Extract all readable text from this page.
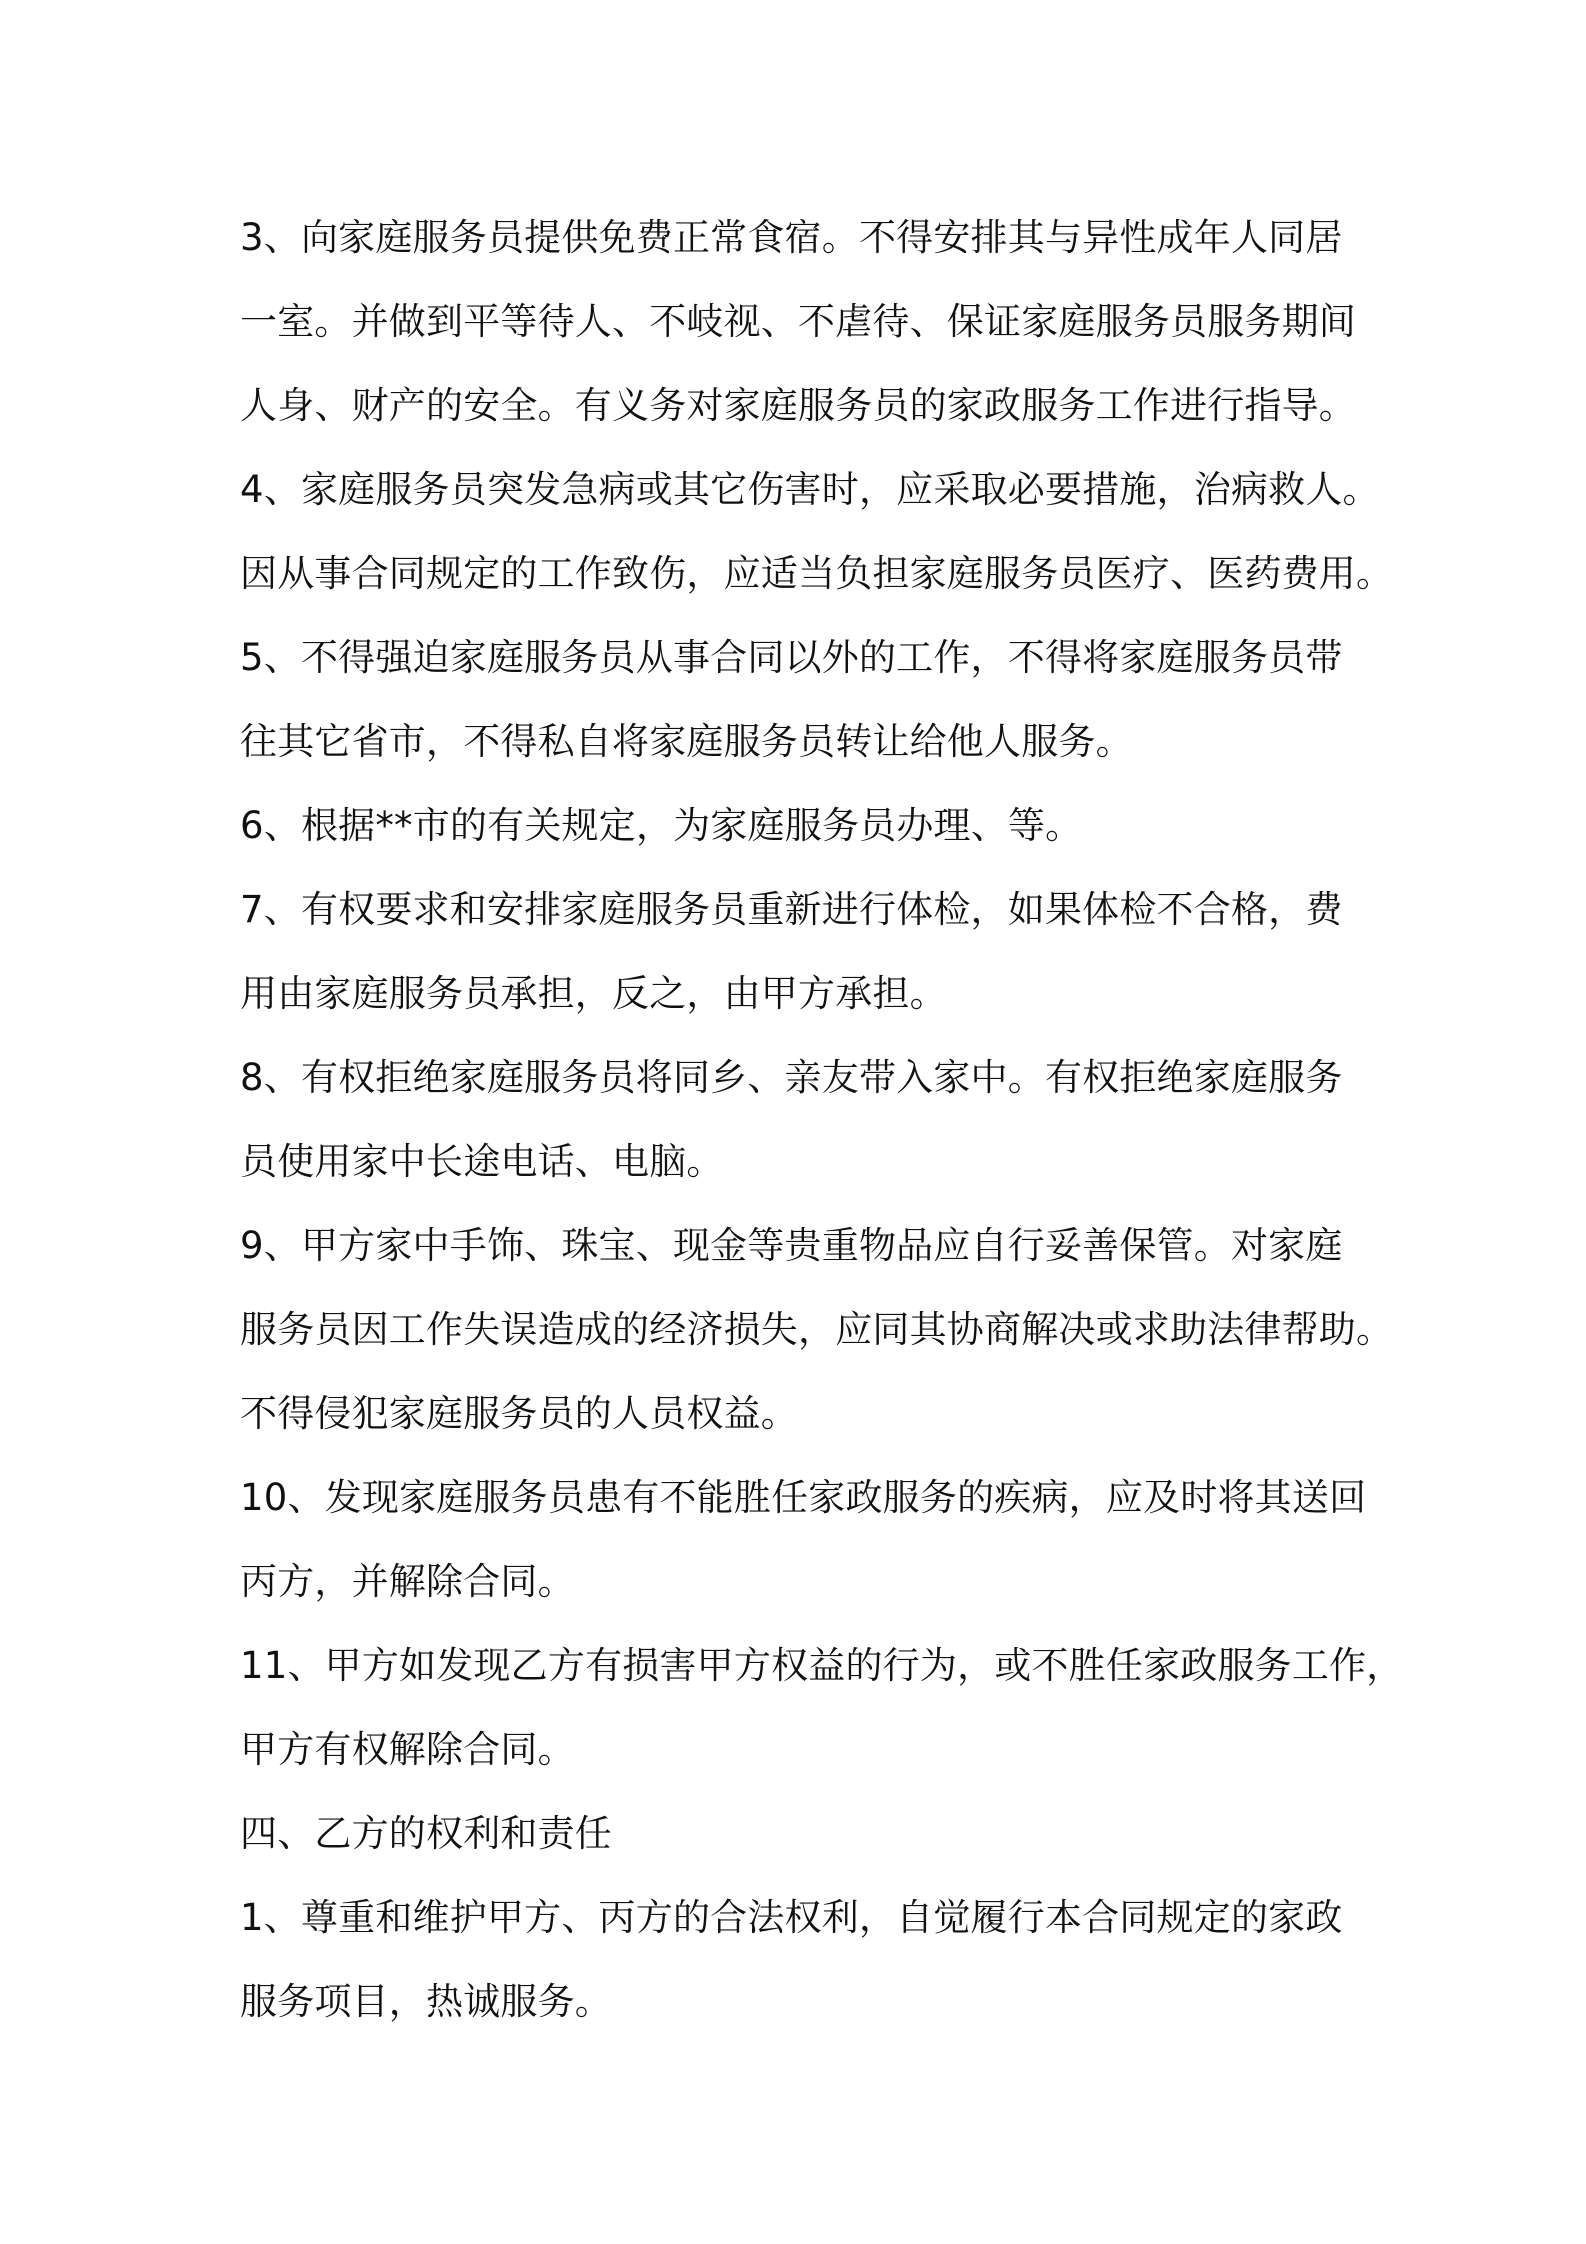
3、向家庭服务员提供免费正常食宿。不得安排其与异性成年人同居
一室。并做到平等待人、不岐视、不虐待、保证家庭服务员服务期间
人身、财产的安全。有义务对家庭服务员的家政服务工作进行指导。
4、家庭服务员突发急病或其它伤害时，应采取必要措施，治病救人。
因从事合同规定的工作致伤，应适当负担家庭服务员医疗、医药费用。
5、不得强迫家庭服务员从事合同以外的工作，不得将家庭服务员带
往其它省市，不得私自将家庭服务员转让给他人服务。
6、根据**市的有关规定，为家庭服务员办理、等。
7、有权要求和安排家庭服务员重新进行体检，如果体检不合格，费
用由家庭服务员承担，反之，由甲方承担。
8、有权拒绝家庭服务员将同乡、亲友带入家中。有权拒绝家庭服务
员使用家中长途电话、电脑。
9、甲方家中手饰、珠宝、现金等贵重物品应自行妥善保管。对家庭
服务员因工作失误造成的经济损失，应同其协商解决或求助法律帮助。
不得侵犯家庭服务员的人员权益。
10、发现家庭服务员患有不能胜任家政服务的疾病，应及时将其送回
丙方，并解除合同。
11、甲方如发现乙方有损害甲方权益的行为，或不胜任家政服务工作，
甲方有权解除合同。
四、乙方的权利和责任
1、尊重和维护甲方、丙方的合法权利，自觉履行本合同规定的家政
服务项目，热诚服务。
